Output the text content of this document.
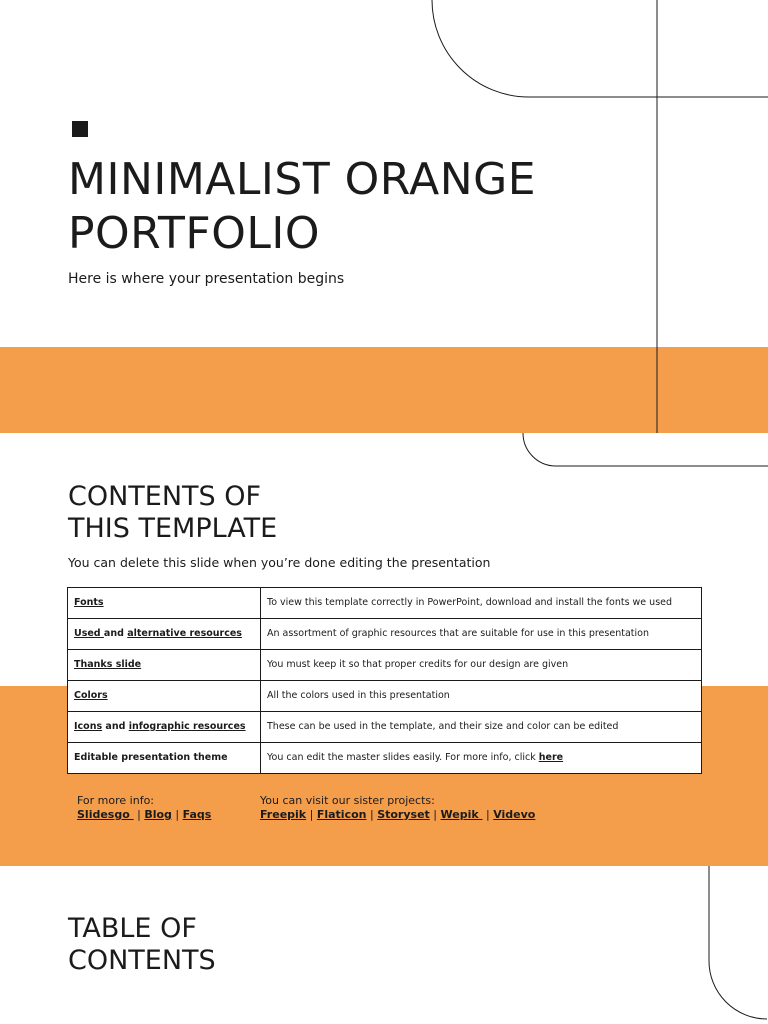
MINIMALIST ORANGE
PORTFOLIO
Here is where your presentation begins
CONTENTS OF
THIS TEMPLATE
You can delete this slide when you’re done editing the presentation
Fonts	To view this template correctly in PowerPoint, download and install the fonts we used
Used and alternative resources	An assortment of graphic resources that are suitable for use in this presentation
Thanks slide	You must keep it so that proper credits for our design are given
Colors	All the colors used in this presentation
Icons and infographic resources	These can be used in the template, and their size and color can be edited
Editable presentation theme	You can edit the master slides easily. For more info, click here
For more info:
Slidesgo  | Blog | Faqs
You can visit our sister projects:
Freepik | Flaticon | Storyset | Wepik  | Videvo
TABLE OF
CONTENTS
